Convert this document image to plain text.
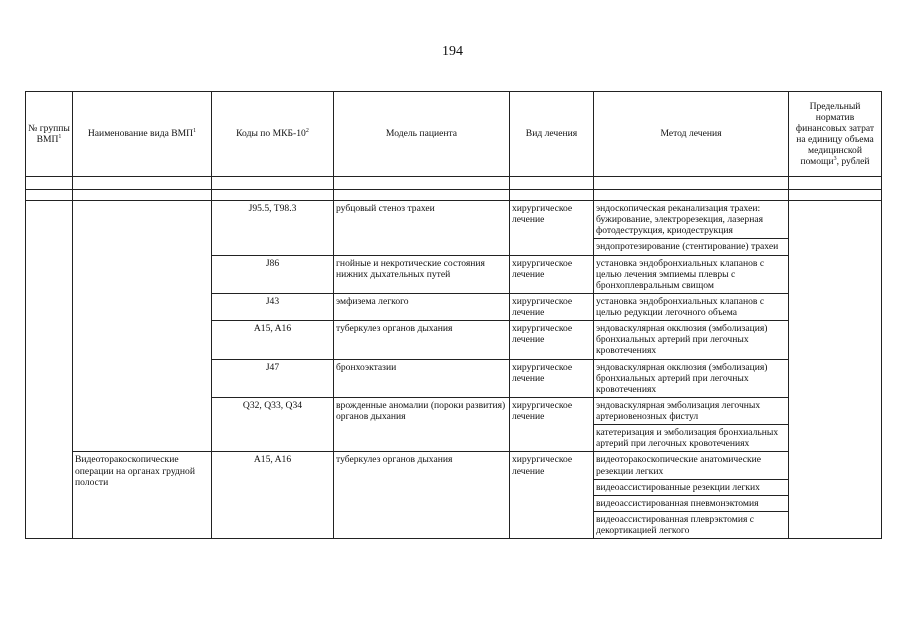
194
№ группы ВМП$^1$	Наименование вида ВМП$^1$	Коды по МКБ-$10^2$	Модель пациента	Вид лечения	Метод лечения	Предельный норматив финансовых затрат на единицу объема медицинской помощи$^3$, рублей

		J95.5, T98.3	рубцовый стеноз трахеи	хирургическое лечение	эндоскопическая реканализация трахеи: бужирование, электрорезекция, лазерная фотодеструкция, криодеструкция
эндопротезирование (стентирование) трахеи	

		J86	гнойные и некротические состояния нижних дыхательных путей	хирургическое лечение	установка эндобронхиальных клапанов с целью лечения эмпиемы плевры с бронхоплевральным свищом	
		J43	эмфизема легкого	хирургическое лечение	установка эндобронхиальных клапанов с целью редукции легочного объема	
		A15, A16	туберкулез органов дыхания	хирургическое лечение	эндоваскулярная окклюзия (эмболизация) бронхиальных артерий при легочных кровотечениях	
		J47	бронхоэктазии	хирургическое лечение	эндоваскулярная окклюзия (эмболизация) бронхиальных артерий при легочных кровотечениях	
		Q32, Q33, Q34	врожденные аномалии (пороки развития) органов дыхания	хирургическое лечение	эндоваскулярная эмболизация легочных артериовенозных фистул
катетеризация и эмболизация бронхиальных артерий при легочных кровотечениях	

	Видеоторакоскопические операции на органах грудной полости	A15, A16	туберкулез органов дыхания	хирургическое лечение	видеоторакоскопические анатомические резекции легких
видеоассистированные резекции легких
видеоассистированная пневмонэктомия
видеоассистированная плеврэктомия с декортикацией легкого	
